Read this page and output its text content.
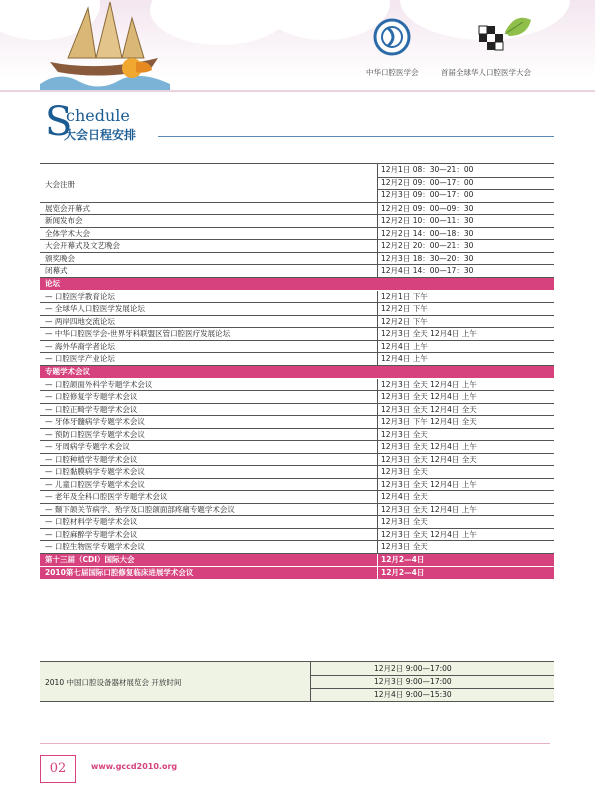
中华口腔医学会	首届全球华人口腔医学大会
S
chedule
大会日程安排
大会注册
12月1日 08：30—21：00
12月2日 09：00—17：00
12月3日 09：00—17：00
展览会开幕式	12月2日 09：00—09：30
新闻发布会	12月2日 10：00—11：30
全体学术大会	12月2日 14：00—18：30
大会开幕式及文艺晚会	12月2日 20：00—21：30
颁奖晚会	12月3日 18：30—20：30
闭幕式	12月4日 14：00—17：30
论坛
— 口腔医学教育论坛	12月1日 下午
— 全球华人口腔医学发展论坛	12月2日 下午
— 两岸四地交流论坛	12月2日 下午
— 中华口腔医学会-世界牙科联盟区管口腔医疗发展论坛	12月3日 全天 12月4日 上午
— 海外华裔学者论坛	12月4日 上午
— 口腔医学产业论坛	12月4日 上午
专题学术会议
— 口腔颌面外科学专题学术会议	12月3日 全天 12月4日 上午
— 口腔修复学专题学术会议	12月3日 全天 12月4日 上午
— 口腔正畸学专题学术会议	12月3日 全天 12月4日 全天
— 牙体牙髓病学专题学术会议	12月3日 下午 12月4日 全天
— 预防口腔医学专题学术会议	12月3日 全天
— 牙周病学专题学术会议	12月3日 全天 12月4日 上午
— 口腔种植学专题学术会议	12月3日 全天 12月4日 全天
— 口腔黏膜病学专题学术会议	12月3日 全天
— 儿童口腔医学专题学术会议	12月3日 全天 12月4日 上午
— 老年及全科口腔医学专题学术会议	12月4日 全天
— 颞下颌关节病学、殆学及口腔颌面部疼痛专题学术会议	12月3日 全天 12月4日 上午
— 口腔材料学专题学术会议	12月3日 全天
— 口腔麻醉学专题学术会议	12月3日 全天 12月4日 上午
— 口腔生物医学专题学术会议	12月3日 全天
第十三届（CDI）国际大会	12月2—4日
2010第七届国际口腔修复临床进展学术会议	12月2—4日
2010 中国口腔设备器材展览会 开放时间
12月2日 9:00—17:00
12月3日 9:00—17:00
12月4日 9:00—15:30
02	www.gccd2010.org
